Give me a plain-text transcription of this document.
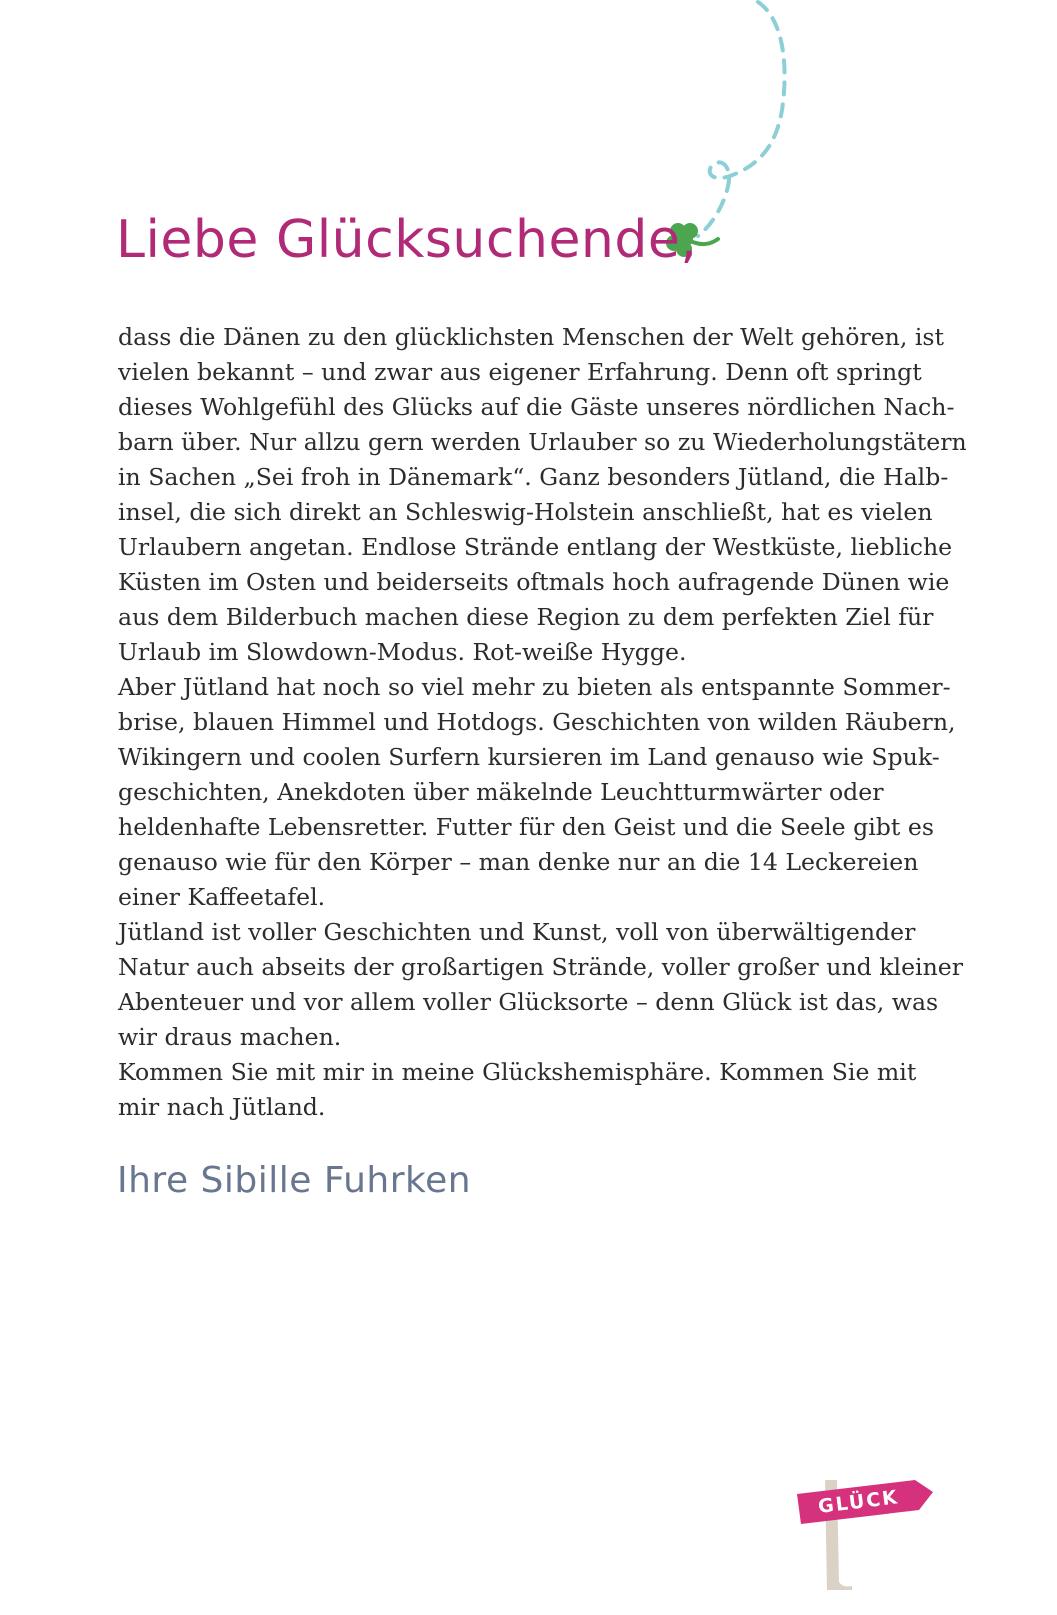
Liebe Glücksuchende,
dass die Dänen zu den glücklichsten Menschen der Welt gehören, ist
vielen bekannt – und zwar aus eigener Erfahrung. Denn oft springt
dieses Wohlgefühl des Glücks auf die Gäste unseres nördlichen Nach-
barn über. Nur allzu gern werden Urlauber so zu Wiederholungstätern
in Sachen „Sei froh in Dänemark“. Ganz besonders Jütland, die Halb-
insel, die sich direkt an Schleswig-Holstein anschließt, hat es vielen
Urlaubern angetan. Endlose Strände entlang der Westküste, liebliche
Küsten im Osten und beiderseits oftmals hoch aufragende Dünen wie
aus dem Bilderbuch machen diese Region zu dem perfekten Ziel für
Urlaub im Slowdown-Modus. Rot-weiße Hygge.
Aber Jütland hat noch so viel mehr zu bieten als entspannte Sommer-
brise, blauen Himmel und Hotdogs. Geschichten von wilden Räubern,
Wikingern und coolen Surfern kursieren im Land genauso wie Spuk-
geschichten, Anekdoten über mäkelnde Leuchtturmwärter oder
heldenhafte Lebensretter. Futter für den Geist und die Seele gibt es
genauso wie für den Körper – man denke nur an die 14 Leckereien
einer Kaffeetafel.
Jütland ist voller Geschichten und Kunst, voll von überwältigender
Natur auch abseits der großartigen Strände, voller großer und kleiner
Abenteuer und vor allem voller Glücksorte – denn Glück ist das, was
wir draus machen.
Kommen Sie mit mir in meine Glückshemisphäre. Kommen Sie mit
mir nach Jütland.

Ihre Sibille Fuhrken

GLÜCK
